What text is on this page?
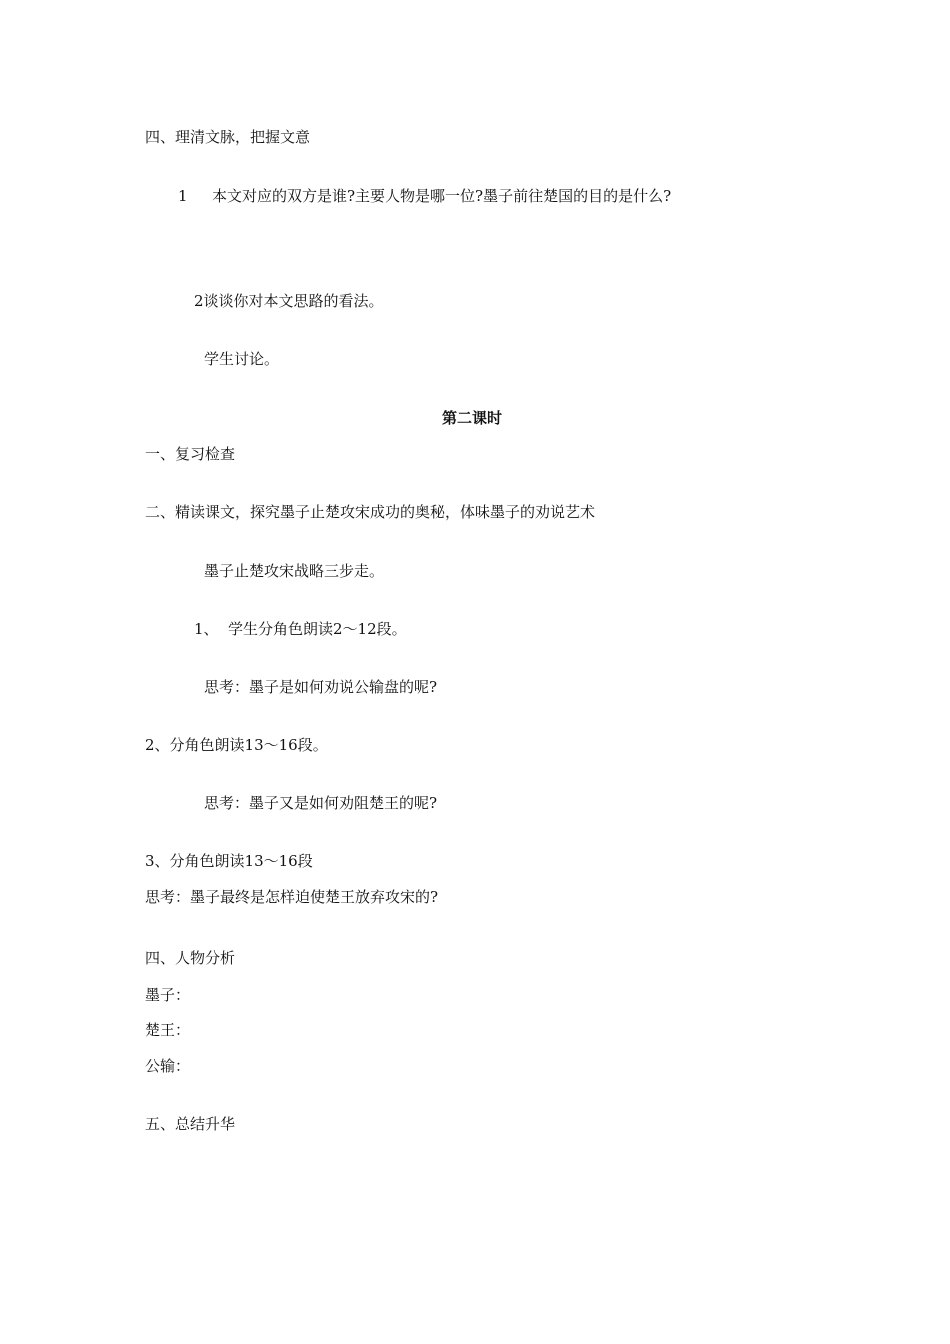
四、理清文脉，把握文意
1 本文对应的双方是谁?主要人物是哪一位?墨子前往楚国的目的是什么?
2谈谈你对本文思路的看法。
学生讨论。
第二课时
一、复习检查
二、精读课文，探究墨子止楚攻宋成功的奥秘，体味墨子的劝说艺术
墨子止楚攻宋战略三步走。
1、 学生分角色朗读2～12段。
思考：墨子是如何劝说公输盘的呢?
2、分角色朗读13～16段。
思考：墨子又是如何劝阻楚王的呢?
3、分角色朗读13～16段
思考：墨子最终是怎样迫使楚王放弃攻宋的?
四、人物分析
墨子：
楚王：
公输：
五、总结升华
